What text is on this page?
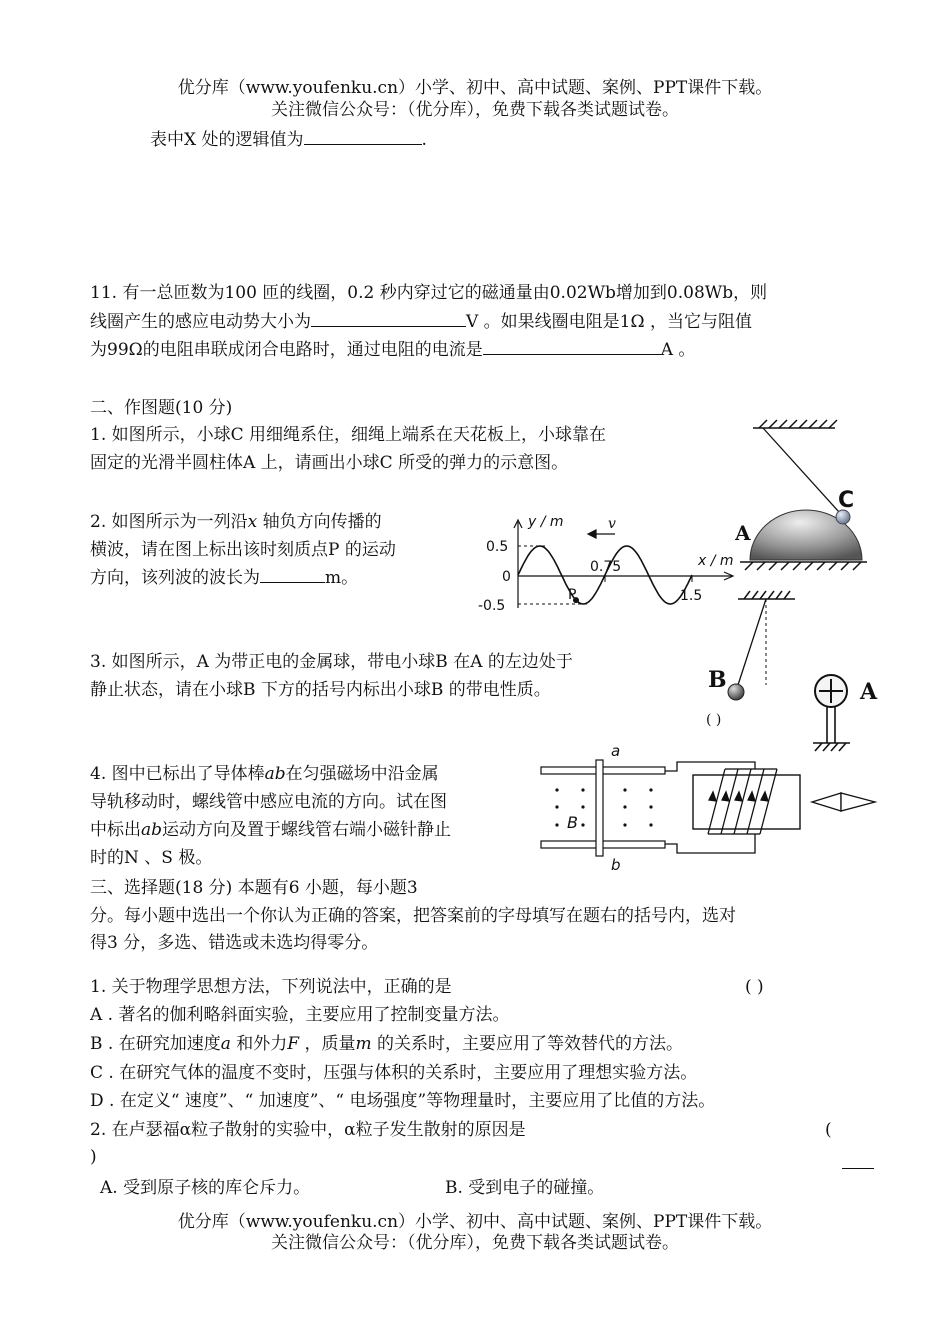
优分库（www.youfenku.cn）小学、初中、高中试题、案例、PPT课件下载。
关注微信公众号：（优分库），免费下载各类试题试卷。
表中X 处的逻辑值为	.
11. 有一总匝数为100 匝的线圈，0.2 秒内穿过它的磁通量由0.02Wb增加到0.08Wb，则
线圈产生的感应电动势大小为	V 。如果线圈电阻是1Ω ，当它与阻值
为99Ω的电阻串联成闭合电路时，通过电阻的电流是	A 。
二、作图题(10 分)
1. 如图所示，小球C 用细绳系住，细绳上端系在天花板上，小球靠在
固定的光滑半圆柱体A 上，请画出小球C 所受的弹力的示意图。
2. 如图所示为一列沿x 轴负方向传播的
横波，请在图上标出该时刻质点P 的运动
方向，该列波的波长为	m。
3. 如图所示，A 为带正电的金属球，带电小球B 在A 的左边处于
静止状态，请在小球B 下方的括号内标出小球B 的带电性质。
4. 图中已标出了导体棒ab在匀强磁场中沿金属
导轨移动时，螺线管中感应电流的方向。试在图
中标出ab运动方向及置于螺线管右端小磁针静止
时的N 、S 极。
三、选择题(18 分) 本题有6 小题，每小题3
分。每小题中选出一个你认为正确的答案，把答案前的字母填写在题右的括号内，选对
得3 分，多选、错选或未选均得零分。
1. 关于物理学思想方法，下列说法中，正确的是	( )
A . 著名的伽利略斜面实验，主要应用了控制变量方法。
B . 在研究加速度a 和外力F ，质量m 的关系时，主要应用了等效替代的方法。
C . 在研究气体的温度不变时，压强与体积的关系时，主要应用了理想实验方法。
D . 在定义“ 速度”、“ 加速度”、“ 电场强度”等物理量时，主要应用了比值的方法。
2. 在卢瑟福α粒子散射的实验中，α粒子发生散射的原因是	(
)
A. 受到原子核的库仑斥力。	B. 受到电子的碰撞。
优分库（www.youfenku.cn）小学、初中、高中试题、案例、PPT课件下载。
关注微信公众号：（优分库），免费下载各类试题试卷。
C
A
y / m
x / m
v
0.5
0
-0.5
0.75
1.5
P
B
( )
A
a
b
B
